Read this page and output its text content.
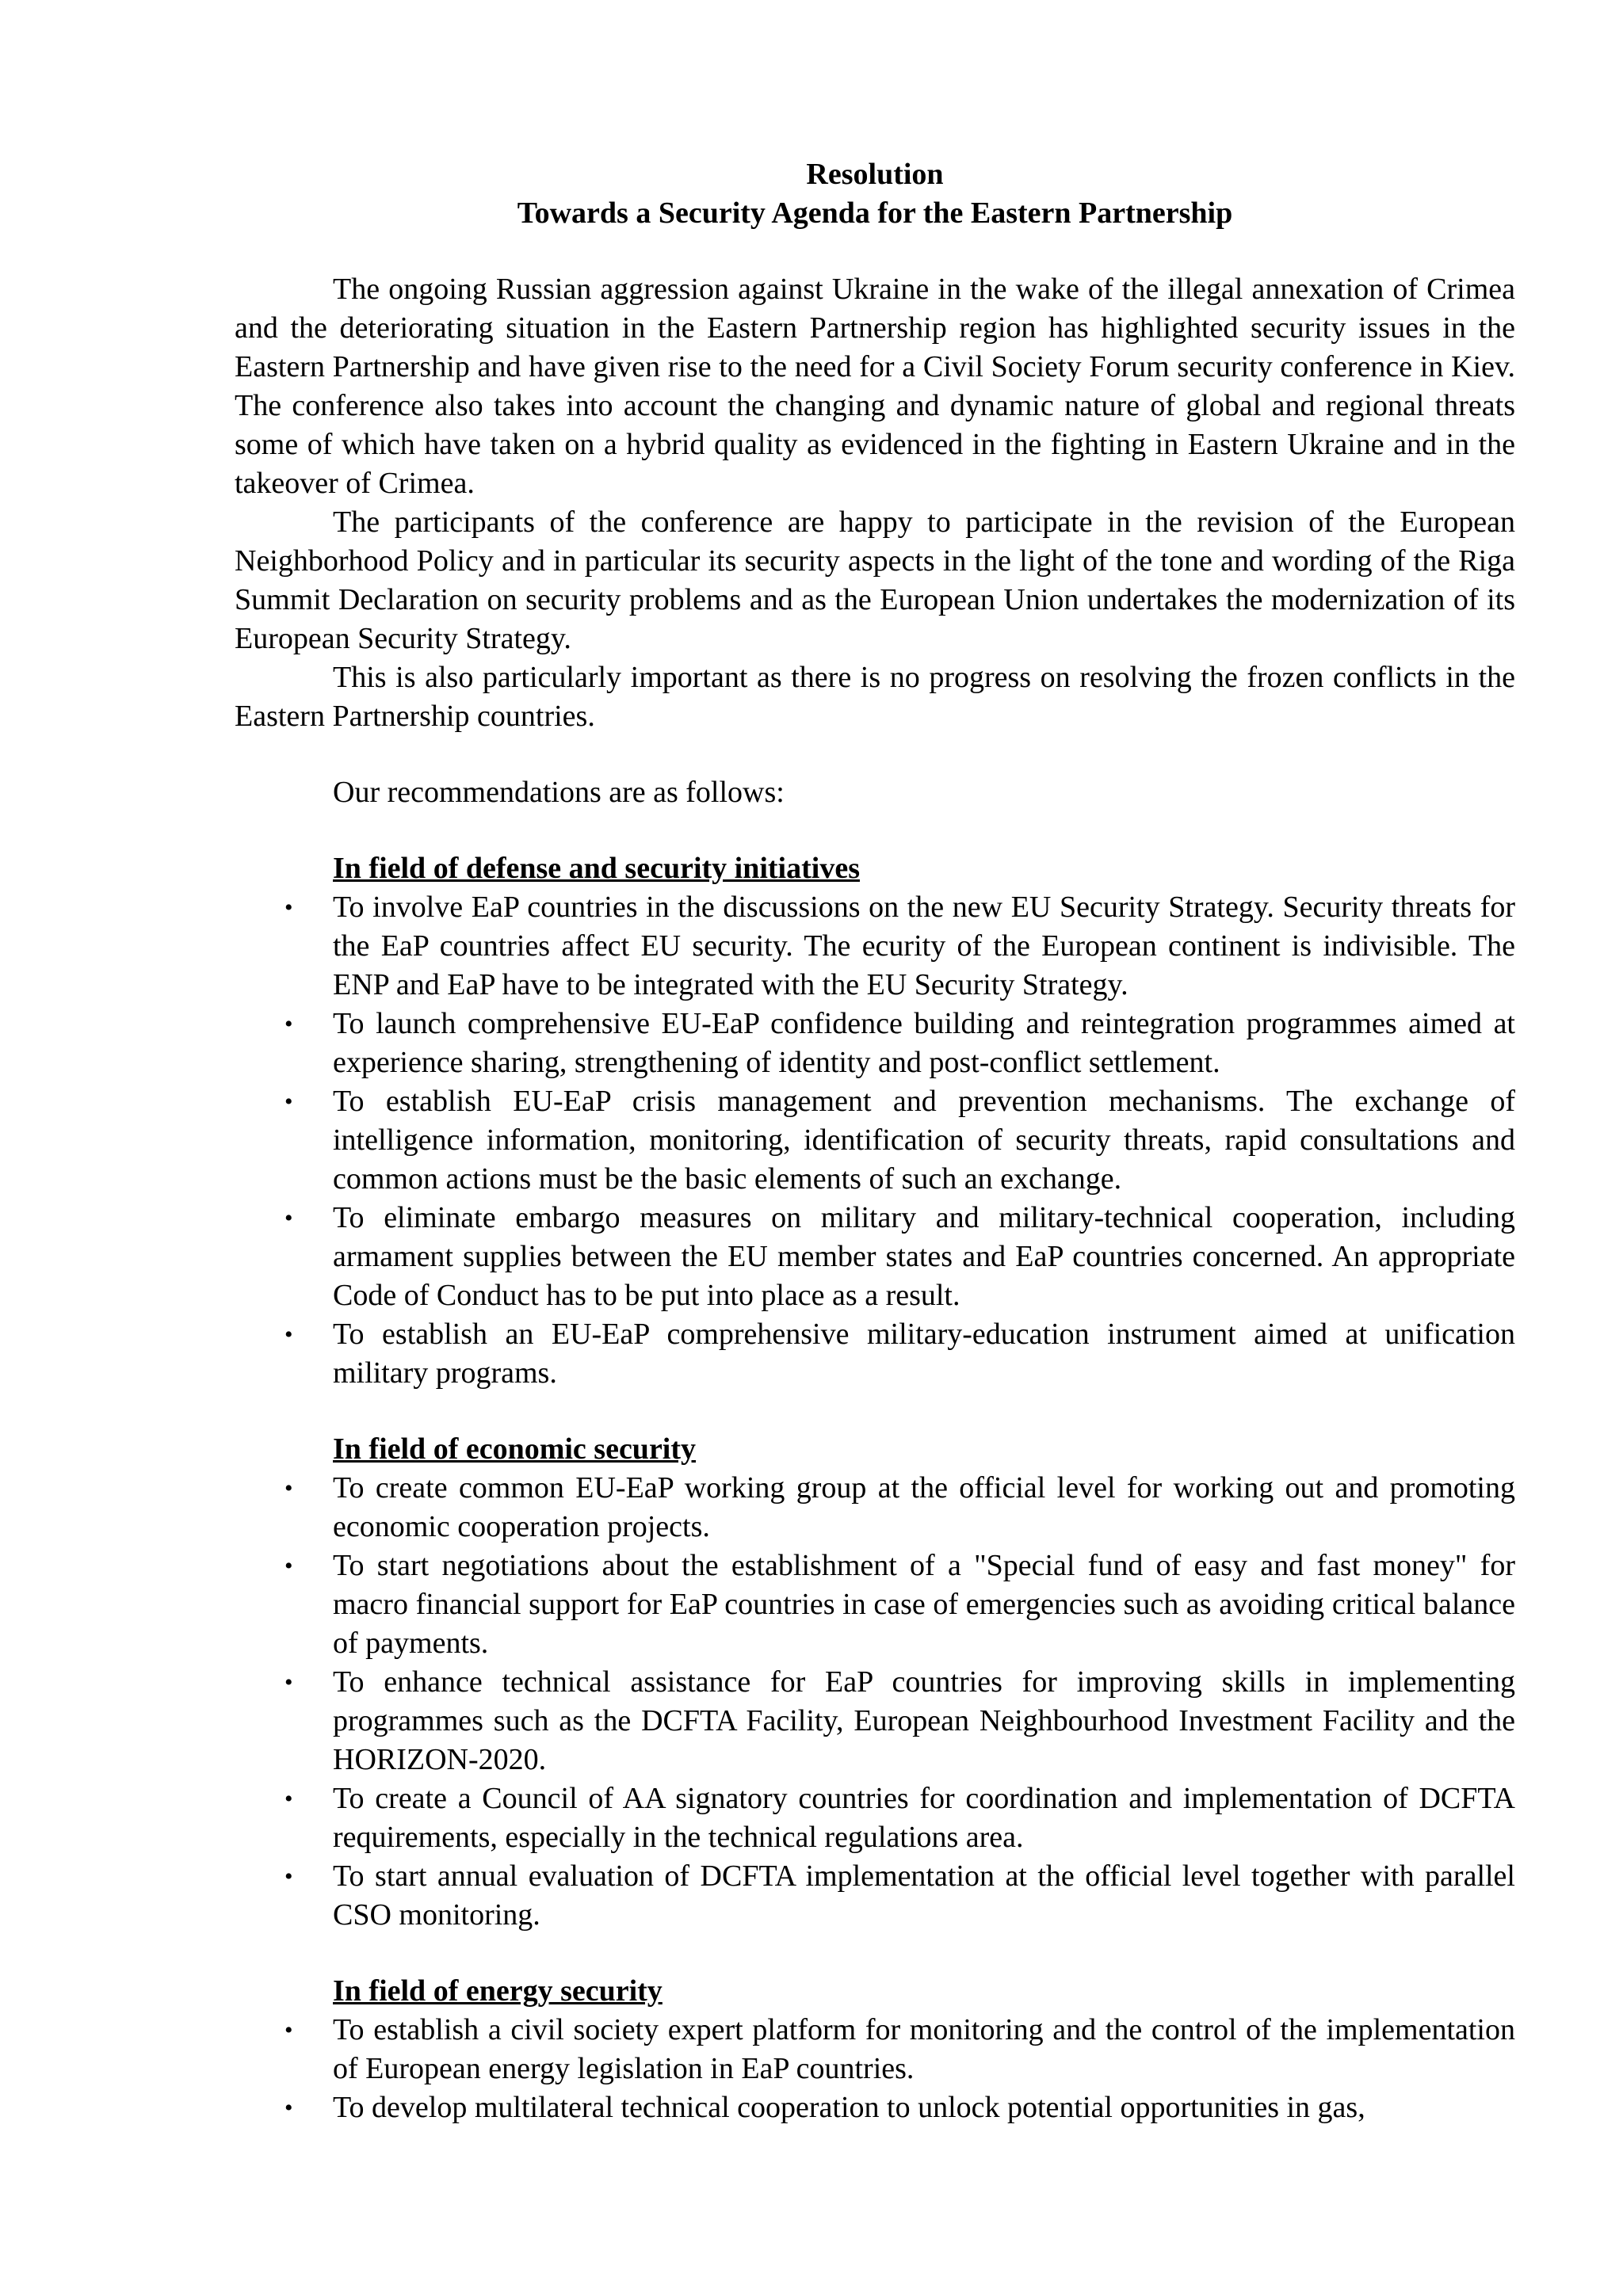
Resolution

Towards a Security Agenda for the Eastern Partnership

The ongoing Russian aggression against Ukraine in the wake of the illegal annexation of Crimea and the deteriorating situation in the Eastern Partnership region has highlighted security issues in the Eastern Partnership and have given rise to the need for a Civil Society Forum security conference in Kiev. The conference also takes into account the changing and dynamic nature of global and regional threats some of which have taken on a hybrid quality as evidenced in the fighting in Eastern Ukraine and in the takeover of Crimea.

The participants of the conference are happy to participate in the revision of the European Neighborhood Policy and in particular its security aspects in the light of the tone and wording of the Riga Summit Declaration on security problems and as the European Union undertakes the modernization of its European Security Strategy.

This is also particularly important as there is no progress on resolving the frozen conflicts in the Eastern Partnership countries.

Our recommendations are as follows:

In field of defense and security initiatives

• To involve EaP countries in the discussions on the new EU Security Strategy. Security threats for the EaP countries affect EU security. The ecurity of the European continent is indivisible. The ENP and EaP have to be integrated with the EU Security Strategy.
• To launch comprehensive EU-EaP confidence building and reintegration programmes aimed at experience sharing, strengthening of identity and post-conflict settlement.
• To establish EU-EaP crisis management and prevention mechanisms. The exchange of intelligence information, monitoring, identification of security threats, rapid consultations and common actions must be the basic elements of such an exchange.
• To eliminate embargo measures on military and military-technical cooperation, including armament supplies between the EU member states and EaP countries concerned. An appropriate Code of Conduct has to be put into place as a result.
• To establish an EU-EaP comprehensive military-education instrument aimed at unification military programs.

In field of economic security

• To create common EU-EaP working group at the official level for working out and promoting economic cooperation projects.
• To start negotiations about the establishment of a "Special fund of easy and fast money" for macro financial support for EaP countries in case of emergencies such as avoiding critical balance of payments.
• To enhance technical assistance for EaP countries for improving skills in implementing programmes such as the DCFTA Facility, European Neighbourhood Investment Facility and the HORIZON-2020.
• To create a Council of AA signatory countries for coordination and implementation of DCFTA requirements, especially in the technical regulations area.
• To start annual evaluation of DCFTA implementation at the official level together with parallel CSO monitoring.

In field of energy security

• To establish a civil society expert platform for monitoring and the control of the implementation of European energy legislation in EaP countries.
• To develop multilateral technical cooperation to unlock potential opportunities in gas,
